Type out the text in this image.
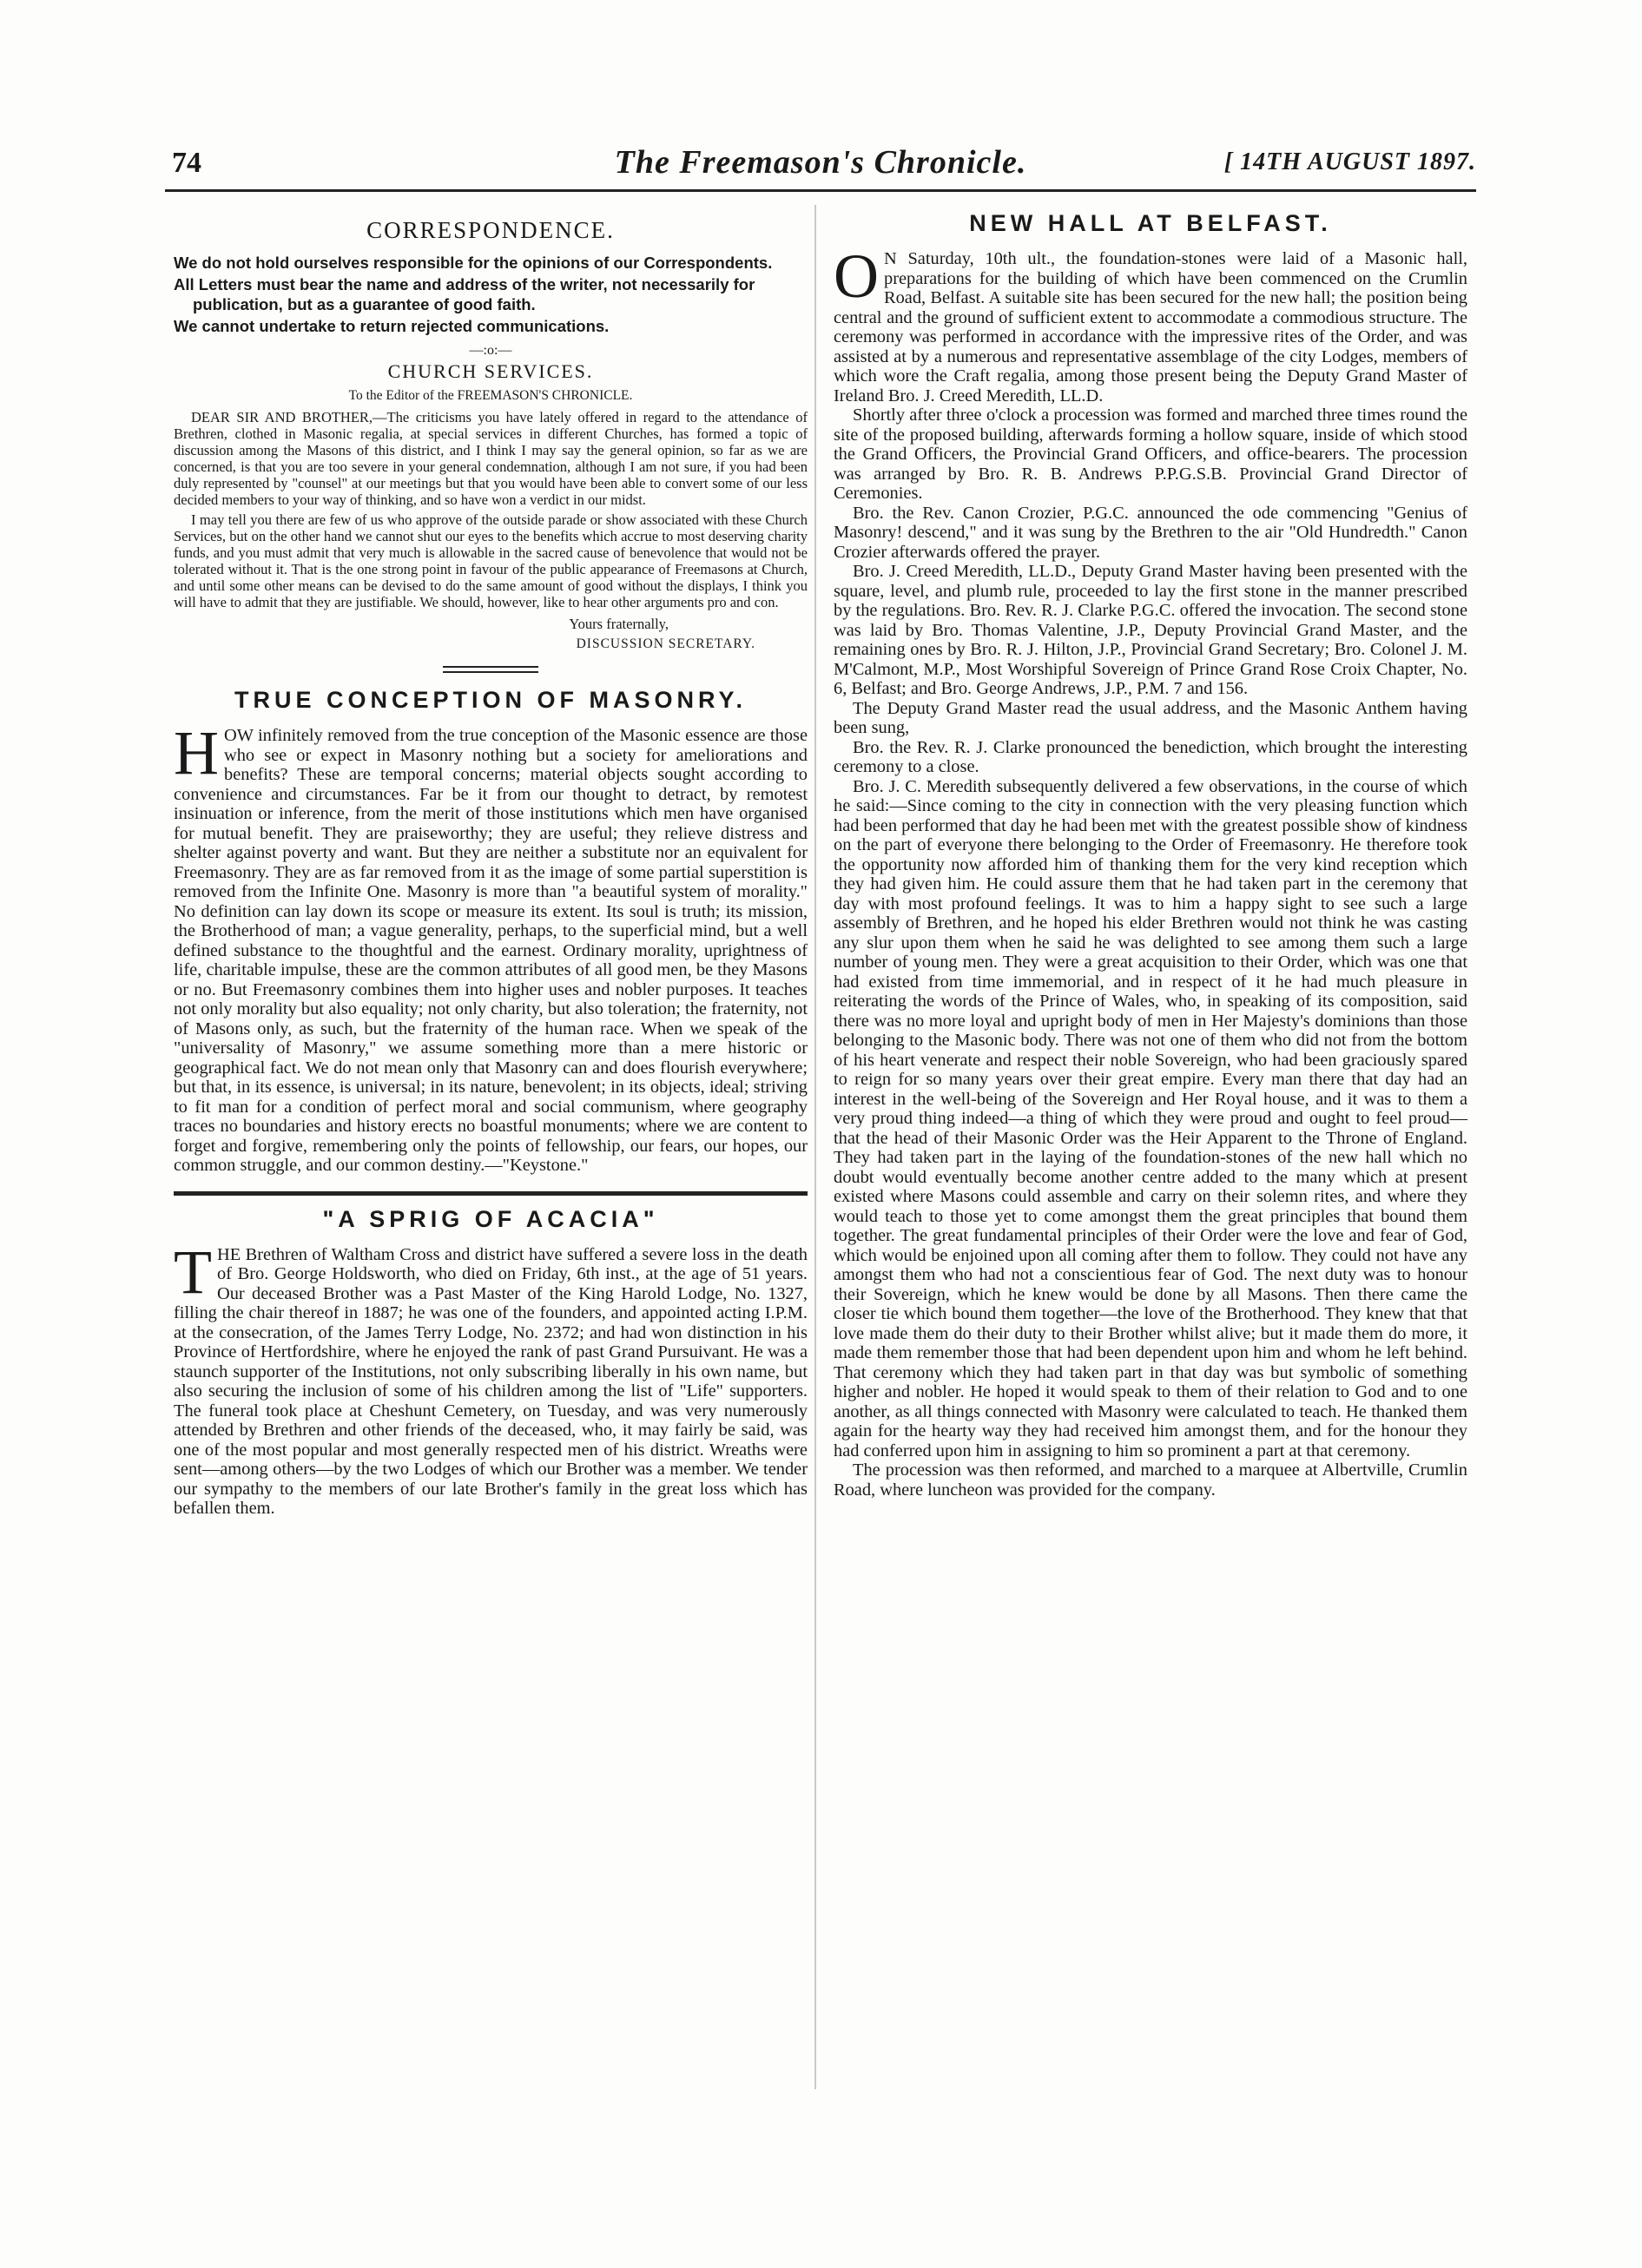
74	The Freemason's Chronicle.	[ 14TH AUGUST 1897.
CORRESPONDENCE.
We do not hold ourselves responsible for the opinions of our Correspondents.
All Letters must bear the name and address of the writer, not necessarily for publication, but as a guarantee of good faith.
We cannot undertake to return rejected communications.
—:o:—
CHURCH SERVICES.
To the Editor of the FREEMASON'S CHRONICLE.

DEAR SIR AND BROTHER,—The criticisms you have lately offered in regard to the attendance of Brethren, clothed in Masonic regalia, at special services in different Churches, has formed a topic of discussion among the Masons of this district, and I think I may say the general opinion, so far as we are concerned, is that you are too severe in your general condemnation, although I am not sure, if you had been duly represented by "counsel" at our meetings but that you would have been able to convert some of our less decided members to your way of thinking, and so have won a verdict in our midst.

I may tell you there are few of us who approve of the outside parade or show associated with these Church Services, but on the other hand we cannot shut our eyes to the benefits which accrue to most deserving charity funds, and you must admit that very much is allowable in the sacred cause of benevolence that would not be tolerated without it. That is the one strong point in favour of the public appearance of Freemasons at Church, and until some other means can be devised to do the same amount of good without the displays, I think you will have to admit that they are justifiable. We should, however, like to hear other arguments pro and con.

Yours fraternally,
DISCUSSION SECRETARY.
TRUE CONCEPTION OF MASONRY.

HOW infinitely removed from the true conception of the Masonic essence are those who see or expect in Masonry nothing but a society for ameliorations and benefits? These are temporal concerns; material objects sought according to convenience and circumstances. Far be it from our thought to detract, by remotest insinuation or inference, from the merit of those institutions which men have organised for mutual benefit. They are praiseworthy; they are useful; they relieve distress and shelter against poverty and want. But they are neither a substitute nor an equivalent for Freemasonry. They are as far removed from it as the image of some partial superstition is removed from the Infinite One. Masonry is more than "a beautiful system of morality." No definition can lay down its scope or measure its extent. Its soul is truth; its mission, the Brotherhood of man; a vague generality, perhaps, to the superficial mind, but a well defined substance to the thoughtful and the earnest. Ordinary morality, uprightness of life, charitable impulse, these are the common attributes of all good men, be they Masons or no. But Freemasonry combines them into higher uses and nobler purposes. It teaches not only morality but also equality; not only charity, but also toleration; the fraternity, not of Masons only, as such, but the fraternity of the human race. When we speak of the "universality of Masonry," we assume something more than a mere historic or geographical fact. We do not mean only that Masonry can and does flourish everywhere; but that, in its essence, is universal; in its nature, benevolent; in its objects, ideal; striving to fit man for a condition of perfect moral and social communism, where geography traces no boundaries and history erects no boastful monuments; where we are content to forget and forgive, remembering only the points of fellowship, our fears, our hopes, our common struggle, and our common destiny.—"Keystone."

"A SPRIG OF ACACIA"

THE Brethren of Waltham Cross and district have suffered a severe loss in the death of Bro. George Holdsworth, who died on Friday, 6th inst., at the age of 51 years. Our deceased Brother was a Past Master of the King Harold Lodge, No. 1327, filling the chair thereof in 1887; he was one of the founders, and appointed acting I.P.M. at the consecration, of the James Terry Lodge, No. 2372; and had won distinction in his Province of Hertfordshire, where he enjoyed the rank of past Grand Pursuivant. He was a staunch supporter of the Institutions, not only subscribing liberally in his own name, but also securing the inclusion of some of his children among the list of "Life" supporters. The funeral took place at Cheshunt Cemetery, on Tuesday, and was very numerously attended by Brethren and other friends of the deceased, who, it may fairly be said, was one of the most popular and most generally respected men of his district. Wreaths were sent—among others—by the two Lodges of which our Brother was a member. We tender our sympathy to the members of our late Brother's family in the great loss which has befallen them.

NEW HALL AT BELFAST.

O N Saturday, 10th ult., the foundation-stones were laid of a Masonic hall, preparations for the building of which have been commenced on the Crumlin Road, Belfast. A suitable site has been secured for the new hall; the position being central and the ground of sufficient extent to accommodate a commodious structure. The ceremony was performed in accordance with the impressive rites of the Order, and was assisted at by a numerous and representative assemblage of the city Lodges, members of which wore the Craft regalia, among those present being the Deputy Grand Master of Ireland Bro. J. Creed Meredith, LL.D.

Shortly after three o'clock a procession was formed and marched three times round the site of the proposed building, afterwards forming a hollow square, inside of which stood the Grand Officers, the Provincial Grand Officers, and office-bearers. The procession was arranged by Bro. R. B. Andrews P.P.G.S.B. Provincial Grand Director of Ceremonies.

Bro. the Rev. Canon Crozier, P.G.C. announced the ode commencing "Genius of Masonry! descend," and it was sung by the Brethren to the air "Old Hundredth." Canon Crozier afterwards offered the prayer.

Bro. J. Creed Meredith, LL.D., Deputy Grand Master having been presented with the square, level, and plumb rule, proceeded to lay the first stone in the manner prescribed by the regulations. Bro. Rev. R. J. Clarke P.G.C. offered the invocation. The second stone was laid by Bro. Thomas Valentine, J.P., Deputy Provincial Grand Master, and the remaining ones by Bro. R. J. Hilton, J.P., Provincial Grand Secretary; Bro. Colonel J. M. M'Calmont, M.P., Most Worshipful Sovereign of Prince Grand Rose Croix Chapter, No. 6, Belfast; and Bro. George Andrews, J.P., P.M. 7 and 156.

The Deputy Grand Master read the usual address, and the Masonic Anthem having been sung,

Bro. the Rev. R. J. Clarke pronounced the benediction, which brought the interesting ceremony to a close.

Bro. J. C. Meredith subsequently delivered a few observations, in the course of which he said:—Since coming to the city in connection with the very pleasing function which had been performed that day he had been met with the greatest possible show of kindness on the part of everyone there belonging to the Order of Freemasonry. He therefore took the opportunity now afforded him of thanking them for the very kind reception which they had given him. He could assure them that he had taken part in the ceremony that day with most profound feelings. It was to him a happy sight to see such a large assembly of Brethren, and he hoped his elder Brethren would not think he was casting any slur upon them when he said he was delighted to see among them such a large number of young men. They were a great acquisition to their Order, which was one that had existed from time immemorial, and in respect of it he had much pleasure in reiterating the words of the Prince of Wales, who, in speaking of its composition, said there was no more loyal and upright body of men in Her Majesty's dominions than those belonging to the Masonic body. There was not one of them who did not from the bottom of his heart venerate and respect their noble Sovereign, who had been graciously spared to reign for so many years over their great empire. Every man there that day had an interest in the well-being of the Sovereign and Her Royal house, and it was to them a very proud thing indeed—a thing of which they were proud and ought to feel proud—that the head of their Masonic Order was the Heir Apparent to the Throne of England. They had taken part in the laying of the foundation-stones of the new hall which no doubt would eventually become another centre added to the many which at present existed where Masons could assemble and carry on their solemn rites, and where they would teach to those yet to come amongst them the great principles that bound them together. The great fundamental principles of their Order were the love and fear of God, which would be enjoined upon all coming after them to follow. They could not have any amongst them who had not a conscientious fear of God. The next duty was to honour their Sovereign, which he knew would be done by all Masons. Then there came the closer tie which bound them together—the love of the Brotherhood. They knew that that love made them do their duty to their Brother whilst alive; but it made them do more, it made them remember those that had been dependent upon him and whom he left behind. That ceremony which they had taken part in that day was but symbolic of something higher and nobler. He hoped it would speak to them of their relation to God and to one another, as all things connected with Masonry were calculated to teach. He thanked them again for the hearty way they had received him amongst them, and for the honour they had conferred upon him in assigning to him so prominent a part at that ceremony.

The procession was then reformed, and marched to a marquee at Albertville, Crumlin Road, where luncheon was provided for the company.
